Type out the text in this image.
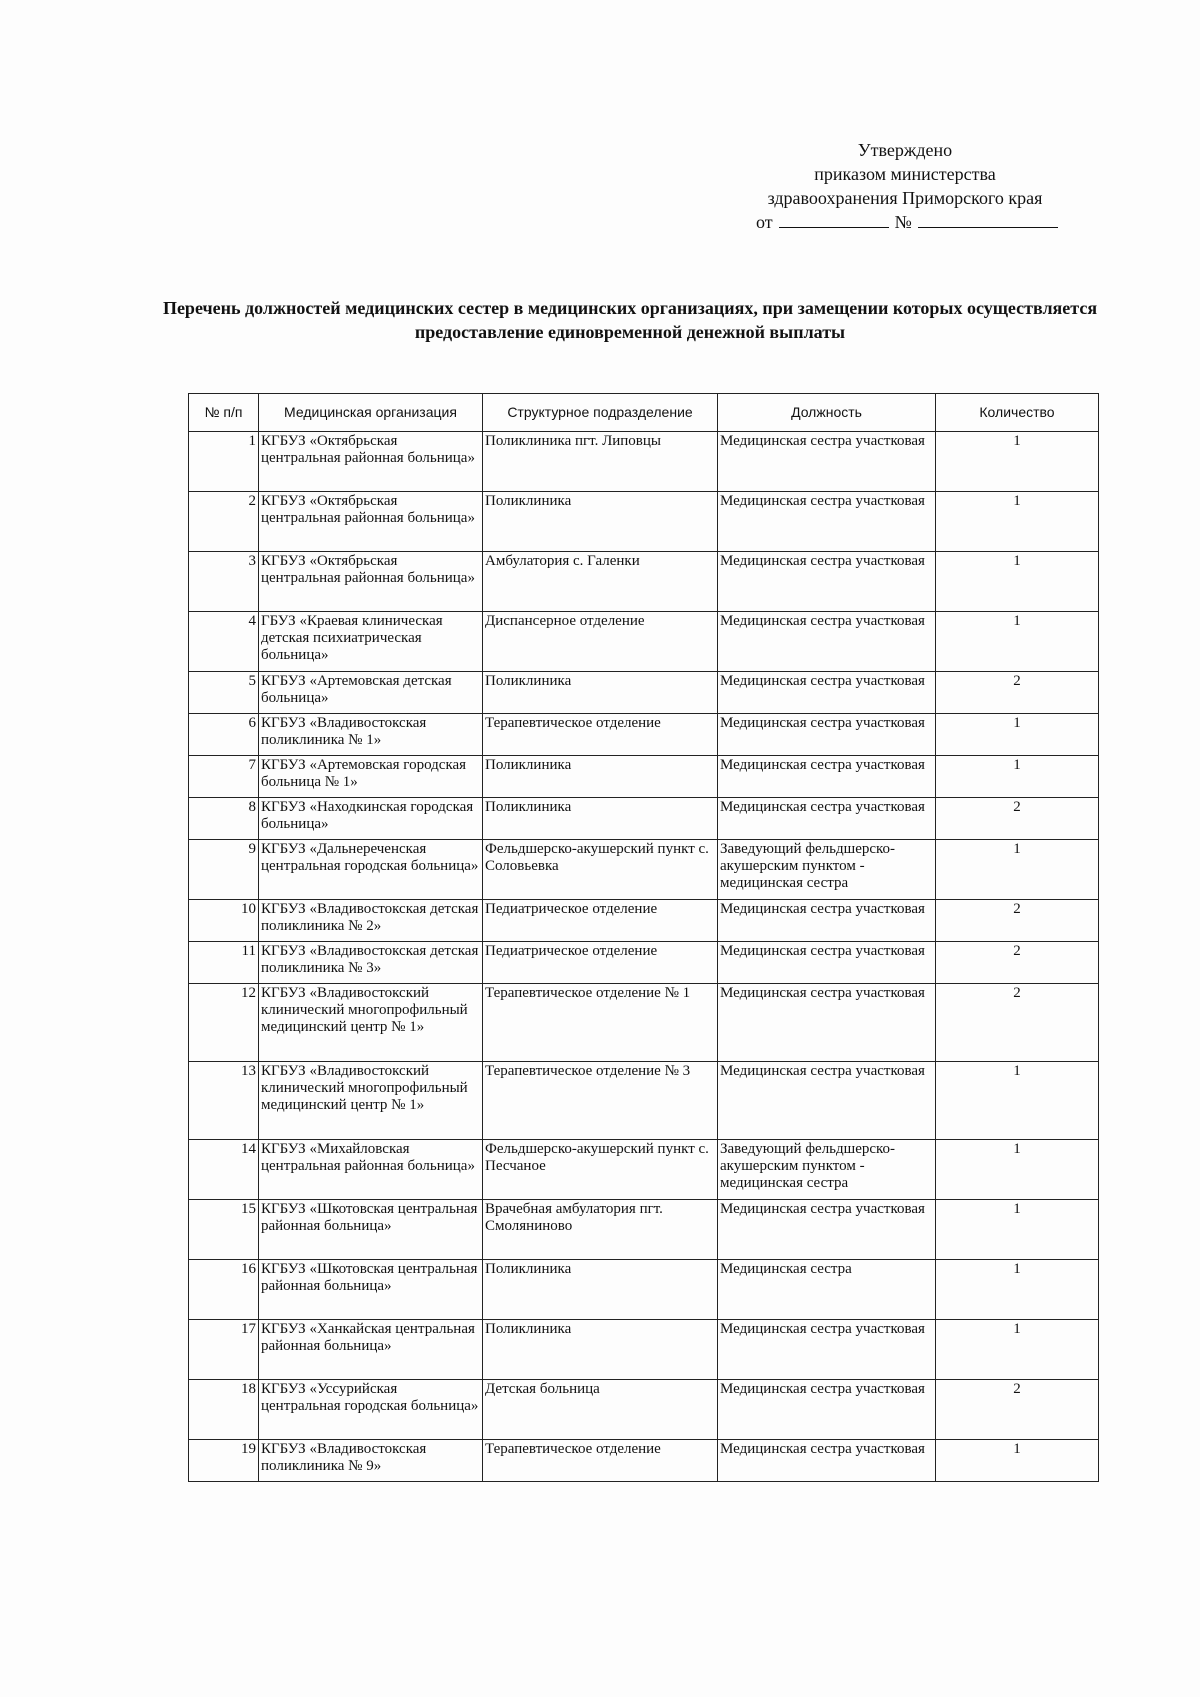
Утверждено
приказом министерства
здравоохранения Приморского края
от	№
Перечень должностей медицинских сестер в медицинских организациях, при замещении которых осуществляется предоставление единовременной денежной выплаты
№ п/п	Медицинская организация	Структурное подразделение	Должность	Количество
1	КГБУЗ «Октябрьская центральная районная больница»	Поликлиника пгт. Липовцы	Медицинская сестра участковая	1
2	КГБУЗ «Октябрьская центральная районная больница»	Поликлиника	Медицинская сестра участковая	1
3	КГБУЗ «Октябрьская центральная районная больница»	Амбулатория с. Галенки	Медицинская сестра участковая	1
4	ГБУЗ «Краевая клиническая детская психиатрическая больница»	Диспансерное отделение	Медицинская сестра участковая	1
5	КГБУЗ «Артемовская детская больница»	Поликлиника	Медицинская сестра участковая	2
6	КГБУЗ «Владивостокская поликлиника № 1»	Терапевтическое отделение	Медицинская сестра участковая	1
7	КГБУЗ «Артемовская городская больница № 1»	Поликлиника	Медицинская сестра участковая	1
8	КГБУЗ «Находкинская городская больница»	Поликлиника	Медицинская сестра участковая	2
9	КГБУЗ «Дальнереченская центральная городская больница»	Фельдшерско-акушерский пункт с. Соловьевка	Заведующий фельдшерско-акушерским пунктом - медицинская сестра	1
10	КГБУЗ «Владивостокская детская поликлиника № 2»	Педиатрическое отделение	Медицинская сестра участковая	2
11	КГБУЗ «Владивостокская детская поликлиника № 3»	Педиатрическое отделение	Медицинская сестра участковая	2
12	КГБУЗ «Владивостокский клинический многопрофильный медицинский центр № 1»	Терапевтическое отделение № 1	Медицинская сестра участковая	2
13	КГБУЗ «Владивостокский клинический многопрофильный медицинский центр № 1»	Терапевтическое отделение № 3	Медицинская сестра участковая	1
14	КГБУЗ «Михайловская центральная районная больница»	Фельдшерско-акушерский пункт с. Песчаное	Заведующий фельдшерско-акушерским пунктом - медицинская сестра	1
15	КГБУЗ «Шкотовская центральная районная больница»	Врачебная амбулатория пгт. Смоляниново	Медицинская сестра участковая	1
16	КГБУЗ «Шкотовская центральная районная больница»	Поликлиника	Медицинская сестра	1
17	КГБУЗ «Ханкайская центральная районная больница»	Поликлиника	Медицинская сестра участковая	1
18	КГБУЗ «Уссурийская центральная городская больница»	Детская больница	Медицинская сестра участковая	2
19	КГБУЗ «Владивостокская поликлиника № 9»	Терапевтическое отделение	Медицинская сестра участковая	1
